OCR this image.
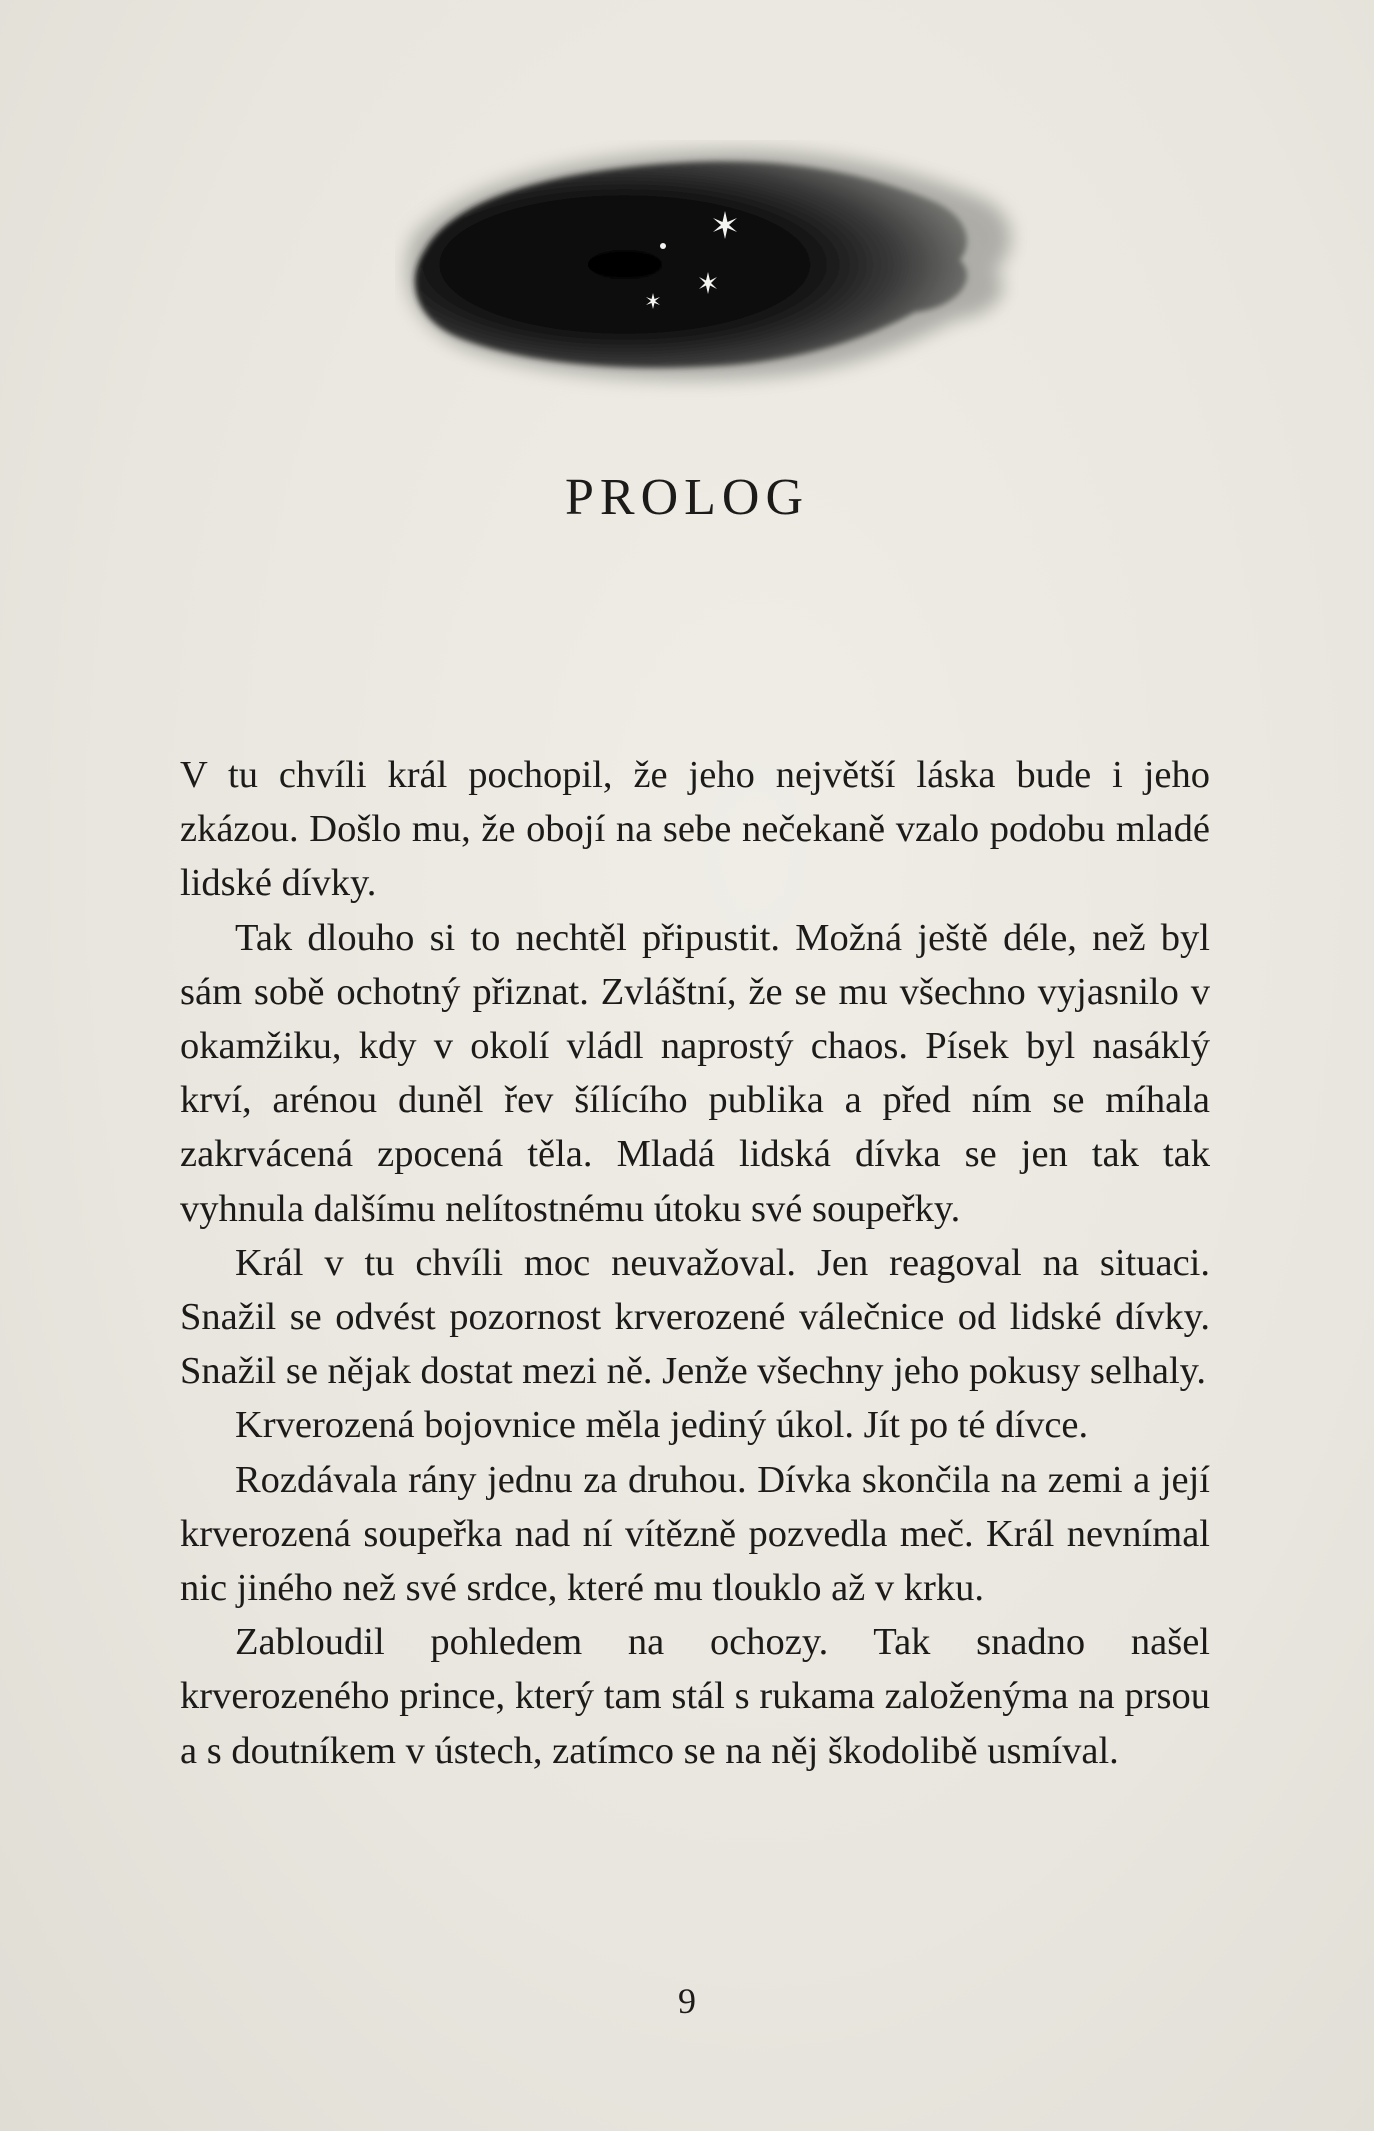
PROLOG

V tu chvíli král pochopil, že jeho největší láska bude i jeho zkázou. Došlo mu, že obojí na sebe nečekaně vzalo podobu mladé lidské dívky.

Tak dlouho si to nechtěl připustit. Možná ještě déle, než byl sám sobě ochotný přiznat. Zvláštní, že se mu všechno vyjasnilo v okamžiku, kdy v okolí vládl naprostý chaos. Písek byl nasáklý krví, arénou duněl řev šílícího publika a před ním se míhala zakrvácená zpocená těla. Mladá lidská dívka se jen tak tak vyhnula dalšímu nelítostnému útoku své soupeřky.

Král v tu chvíli moc neuvažoval. Jen reagoval na situaci. Snažil se odvést pozornost krverozené válečnice od lidské dívky. Snažil se nějak dostat mezi ně. Jenže všechny jeho pokusy selhaly.

Krverozená bojovnice měla jediný úkol. Jít po té dívce.

Rozdávala rány jednu za druhou. Dívka skončila na zemi a její krverozená soupeřka nad ní vítězně pozvedla meč. Král nevnímal nic jiného než své srdce, které mu tlouklo až v krku.

Zabloudil pohledem na ochozy. Tak snadno našel krverozeného prince, který tam stál s rukama založenýma na prsou a s doutníkem v ústech, zatímco se na něj škodolibě usmíval.

9
